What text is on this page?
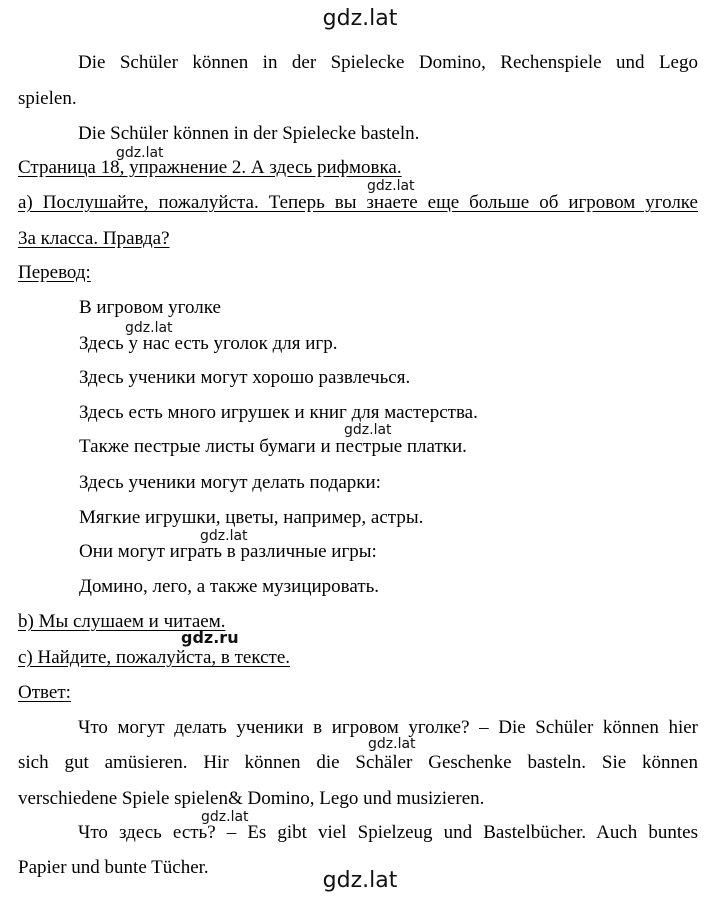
gdz.lat
gdz.lat
gdz.lat
gdz.lat
gdz.lat
gdz.lat
gdz.ru
gdz.lat
gdz.lat
gdz.lat
Die Schüler können in der Spielecke Domino, Rechenspiele und Lego
spielen.
Die Schüler können in der Spielecke basteln.
Страница 18, упражнение 2. А здесь рифмовка.
a) Послушайте, пожалуйста. Теперь вы знаете еще больше об игровом уголке
3а класса. Правда?
Перевод:
В игровом уголке
Здесь у нас есть уголок для игр.
Здесь ученики могут хорошо развлечься.
Здесь есть много игрушек и книг для мастерства.
Также пестрые листы бумаги и пестрые платки.
Здесь ученики могут делать подарки:
Мягкие игрушки, цветы, например, астры.
Они могут играть в различные игры:
Домино, лего, а также музицировать.
b) Мы слушаем и читаем.
c) Найдите, пожалуйста, в тексте.
Ответ:
Что могут делать ученики в игровом уголке? – Die Schüler können hier
sich gut amüsieren. Hir können die Schäler Geschenke basteln. Sie können
verschiedene Spiele spielen& Domino, Lego und musizieren.
Что здесь есть? – Es gibt viel Spielzeug und Bastelbücher. Auch buntes
Papier und bunte Tücher.
